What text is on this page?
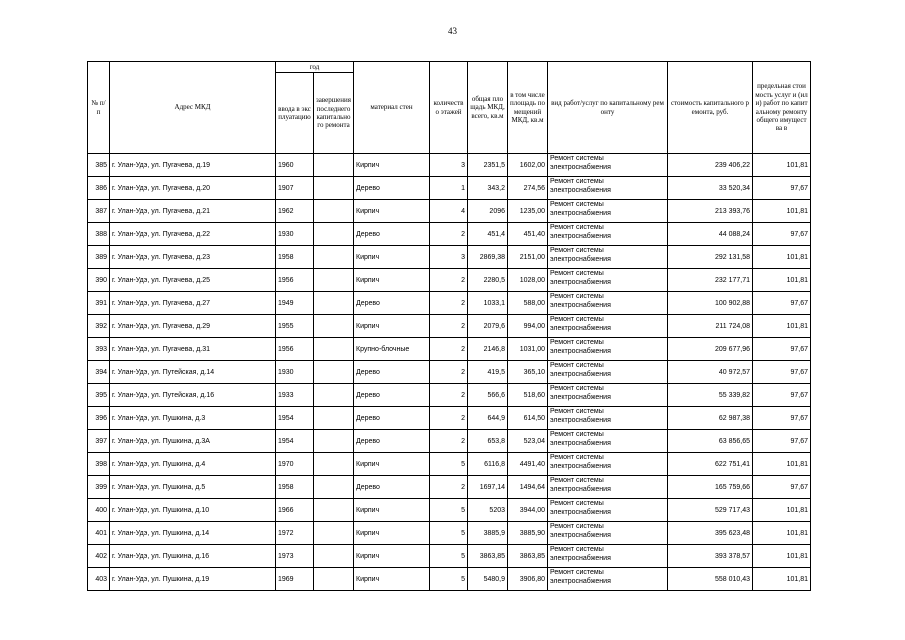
43
№ п/п	Адрес МКД	год		материал стен	количество этажей	общая площадь МКД, всего, кв.м	в том числе площадь помещений МКД, кв.м	вид работ/услуг по капитальному ремонту	стоимость капитального ремонта, руб.	предельная стоимость услуг и (или) работ по капитальному ремонту общего имущества в
		ввода в эксплуатацию	завершения последнего капитального ремонта							
385	г. Улан-Удэ, ул. Пугачева, д.19	1960		Кирпич	3	2351,5	1602,00	Ремонт системы электроснабжения	239 406,22	101,81
386	г. Улан-Удэ, ул. Пугачева, д.20	1907		Дерево	1	343,2	274,56	Ремонт системы электроснабжения	33 520,34	97,67
387	г. Улан-Удэ, ул. Пугачева, д.21	1962		Кирпич	4	2096	1235,00	Ремонт системы электроснабжения	213 393,76	101,81
388	г. Улан-Удэ, ул. Пугачева, д.22	1930		Дерево	2	451,4	451,40	Ремонт системы электроснабжения	44 088,24	97,67
389	г. Улан-Удэ, ул. Пугачева, д.23	1958		Кирпич	3	2869,38	2151,00	Ремонт системы электроснабжения	292 131,58	101,81
390	г. Улан-Удэ, ул. Пугачева, д.25	1956		Кирпич	2	2280,5	1028,00	Ремонт системы электроснабжения	232 177,71	101,81
391	г. Улан-Удэ, ул. Пугачева, д.27	1949		Дерево	2	1033,1	588,00	Ремонт системы электроснабжения	100 902,88	97,67
392	г. Улан-Удэ, ул. Пугачева, д.29	1955		Кирпич	2	2079,6	994,00	Ремонт системы электроснабжения	211 724,08	101,81
393	г. Улан-Удэ, ул. Пугачева, д.31	1956		Крупно-блочные	2	2146,8	1031,00	Ремонт системы электроснабжения	209 677,96	97,67
394	г. Улан-Удэ, ул. Путейская, д.14	1930		Дерево	2	419,5	365,10	Ремонт системы электроснабжения	40 972,57	97,67
395	г. Улан-Удэ, ул. Путейская, д.16	1933		Дерево	2	566,6	518,60	Ремонт системы электроснабжения	55 339,82	97,67
396	г. Улан-Удэ, ул. Пушкина, д.3	1954		Дерево	2	644,9	614,50	Ремонт системы электроснабжения	62 987,38	97,67
397	г. Улан-Удэ, ул. Пушкина, д.3А	1954		Дерево	2	653,8	523,04	Ремонт системы электроснабжения	63 856,65	97,67
398	г. Улан-Удэ, ул. Пушкина, д.4	1970		Кирпич	5	6116,8	4491,40	Ремонт системы электроснабжения	622 751,41	101,81
399	г. Улан-Удэ, ул. Пушкина, д.5	1958		Дерево	2	1697,14	1494,64	Ремонт системы электроснабжения	165 759,66	97,67
400	г. Улан-Удэ, ул. Пушкина, д.10	1966		Кирпич	5	5203	3944,00	Ремонт системы электроснабжения	529 717,43	101,81
401	г. Улан-Удэ, ул. Пушкина, д.14	1972		Кирпич	5	3885,9	3885,90	Ремонт системы электроснабжения	395 623,48	101,81
402	г. Улан-Удэ, ул. Пушкина, д.16	1973		Кирпич	5	3863,85	3863,85	Ремонт системы электроснабжения	393 378,57	101,81
403	г. Улан-Удэ, ул. Пушкина, д.19	1969		Кирпич	5	5480,9	3906,80	Ремонт системы электроснабжения	558 010,43	101,81
